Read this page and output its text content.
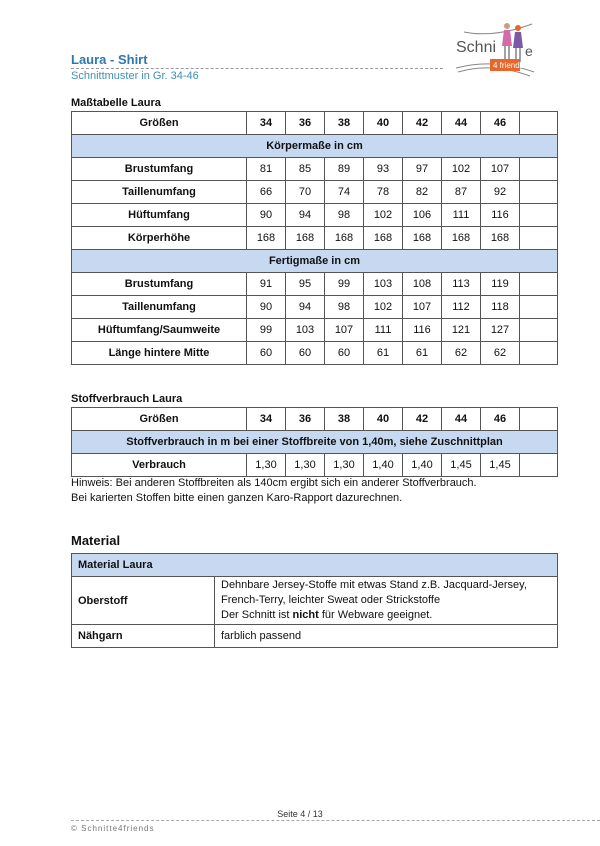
Laura - Shirt
Schnittmuster in Gr. 34-46
Schni e
4 friends
Maßtabelle Laura
Größen	34	36	38	40	42	44	46	
Körpermaße in cm								
Brustumfang	81	85	89	93	97	102	107	
Taillenumfang	66	70	74	78	82	87	92	
Hüftumfang	90	94	98	102	106	111	116	
Körperhöhe	168	168	168	168	168	168	168	
Fertigmaße in cm								
Brustumfang	91	95	99	103	108	113	119	
Taillenumfang	90	94	98	102	107	112	118	
Hüftumfang/Saumweite	99	103	107	111	116	121	127	
Länge hintere Mitte	60	60	60	61	61	62	62	
Stoffverbrauch Laura
Größen	34	36	38	40	42	44	46	
Stoffverbrauch in m bei einer Stoffbreite von 1,40m, siehe Zuschnittplan								
Verbrauch	1,30	1,30	1,30	1,40	1,40	1,45	1,45	
Hinweis: Bei anderen Stoffbreiten als 140cm ergibt sich ein anderer Stoffverbrauch.
Bei karierten Stoffen bitte einen ganzen Karo-Rapport dazurechnen.
Material
Material Laura	
Oberstoff	Dehnbare Jersey-Stoffe mit etwas Stand z.B. Jacquard-Jersey,
French-Terry, leichter Sweat oder Strickstoffe
Der Schnitt ist nicht für Webware geeignet.

Nähgarn	farblich passend
Seite 4 / 13
© Schnitte4friends
